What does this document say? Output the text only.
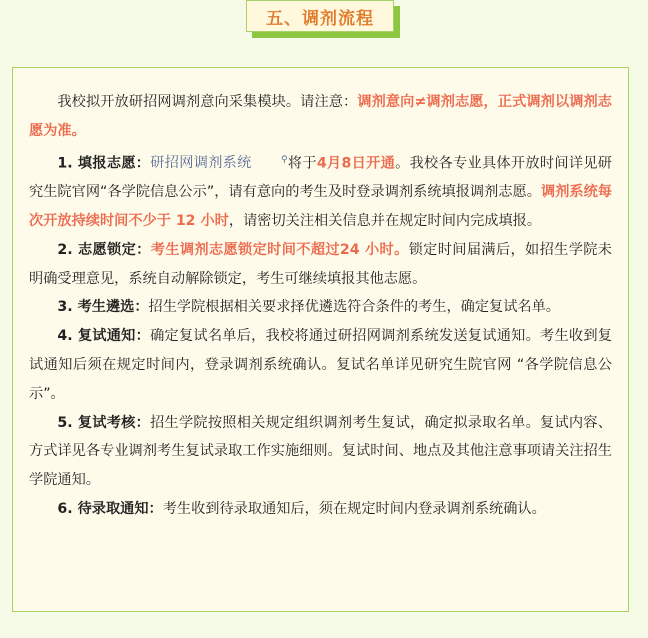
五、调剂流程

我校拟开放研招网调剂意向采集模块。请注意：调剂意向≠调剂志愿，正式调剂以调剂志愿为准。

1. 填报志愿：研招网调剂系统	⚲将于4月8日开通。我校各专业具体开放时间详见研究生院官网“各学院信息公示”，请有意向的考生及时登录调剂系统填报调剂志愿。调剂系统每次开放持续时间不少于 12 小时，请密切关注相关信息并在规定时间内完成填报。

2. 志愿锁定：考生调剂志愿锁定时间不超过24 小时。锁定时间届满后，如招生学院未明确受理意见，系统自动解除锁定，考生可继续填报其他志愿。

3. 考生遴选：招生学院根据相关要求择优遴选符合条件的考生，确定复试名单。

4. 复试通知：确定复试名单后，我校将通过研招网调剂系统发送复试通知。考生收到复试通知后须在规定时间内，登录调剂系统确认。复试名单详见研究生院官网 “各学院信息公示”。

5. 复试考核：招生学院按照相关规定组织调剂考生复试，确定拟录取名单。复试内容、方式详见各专业调剂考生复试录取工作实施细则。复试时间、地点及其他注意事项请关注招生学院通知。

6. 待录取通知：考生收到待录取通知后，须在规定时间内登录调剂系统确认。
